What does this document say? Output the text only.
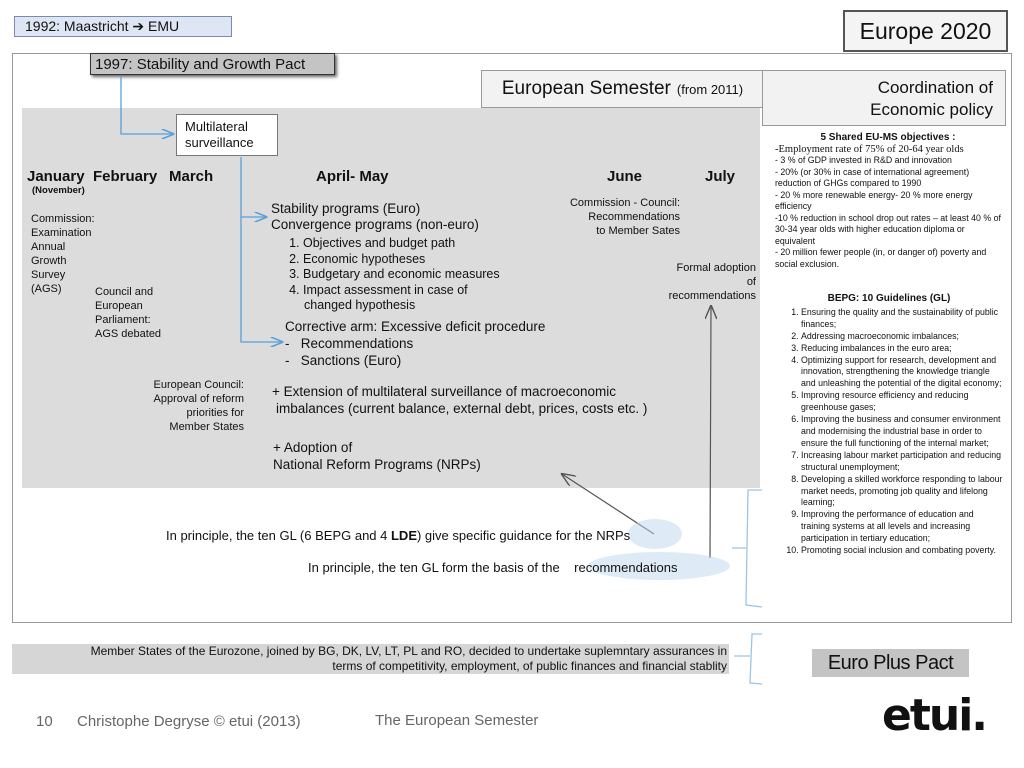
1992: Maastricht ➔ EMU	Europe 2020
1997: Stability and Growth Pact
European Semester (from 2011)	Coordination of
Economic policy
Multilateral
surveillance
January
(November)
February March	April- May	June	July
Commission:
Examination
Annual
Growth
Survey
(AGS)	Council and
European
Parliament:
AGS debated
European Council:
Approval of reform
priorities for
Member States
Stability programs (Euro)
Convergence programs (non-euro)
1. Objectives and budget path
2. Economic hypotheses
3. Budgetary and economic measures
4. Impact assessment in case of
changed hypothesis
Corrective arm: Excessive deficit procedure
-   Recommendations
-   Sanctions (Euro)
+ Extension of multilateral surveillance of macroeconomic
imbalances (current balance, external debt, prices, costs etc. )
+ Adoption of
National Reform Programs (NRPs)
Commission - Council:
Recommendations
to Member Sates
Formal adoption
of
recommendations
In principle, the ten GL (6 BEPG and 4 LDE) give specific guidance for the NRPs
In principle, the ten GL form the basis of the recommendations
5 Shared EU-MS objectives :
-Employment rate of 75% of 20-64 year olds
- 3 % of GDP invested in R&D and innovation
- 20% (or 30% in case of international agreement) reduction of GHGs compared to 1990
- 20 % more renewable energy- 20 % more energy efficiency
-10 % reduction in school drop out rates – at least 40 % of 30-34 year olds with higher education diploma or equivalent
- 20 million fewer people (in, or danger of) poverty and social exclusion.
BEPG: 10 Guidelines (GL)
1. Ensuring the quality and the sustainability of public finances;
2. Addressing macroeconomic imbalances;
3. Reducing imbalances in the euro area;
4. Optimizing support for research, development and innovation, strengthening the knowledge triangle and unleashing the potential of the digital economy;
5. Improving resource efficiency and reducing greenhouse gases;
6. Improving the business and consumer environment and modernising the industrial base in order to ensure the full functioning of the internal market;
7. Increasing labour market participation and reducing structural unemployment;
8. Developing a skilled workforce responding to labour market needs, promoting job quality and lifelong learning;
9. Improving the performance of education and training systems at all levels and increasing participation in tertiary education;
10. Promoting social inclusion and combating poverty.
Member States of the Eurozone, joined by BG, DK, LV, LT, PL and RO, decided to undertake suplemntary assurances in
terms of competitivity, employment, of public finances and financial stablity	Euro Plus Pact
10 Christophe Degryse © etui (2013)	The European Semester	etui.
